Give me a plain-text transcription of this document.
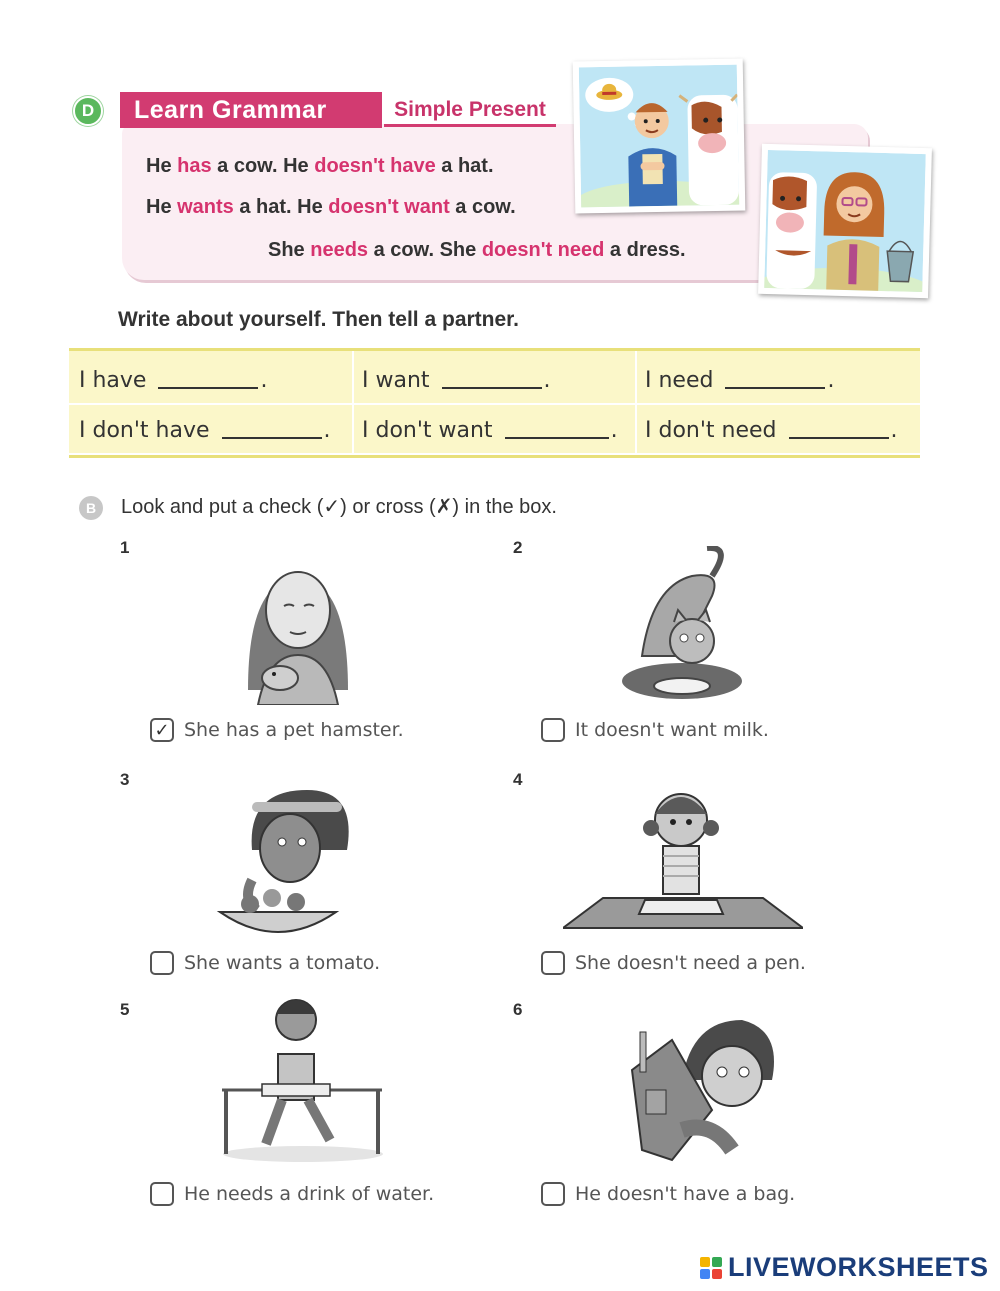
D	Learn Grammar	Simple Present
He has a cow. He doesn't have a hat.
He wants a hat. He doesn't want a cow.
She needs a cow. She doesn't need a dress.
Write about yourself. Then tell a partner.
I have	.	I want	.	I need	.
I don't have	. I don't want	. I don't need	.
B	Look and put a check (✓) or cross (✗) in the box.
1
✓ She has a pet hamster.
2
It doesn't want milk.
3
She wants a tomato.
4
She doesn't need a pen.
5
He needs a drink of water.
6
He doesn't have a bag.
LIVEWORKSHEETS
